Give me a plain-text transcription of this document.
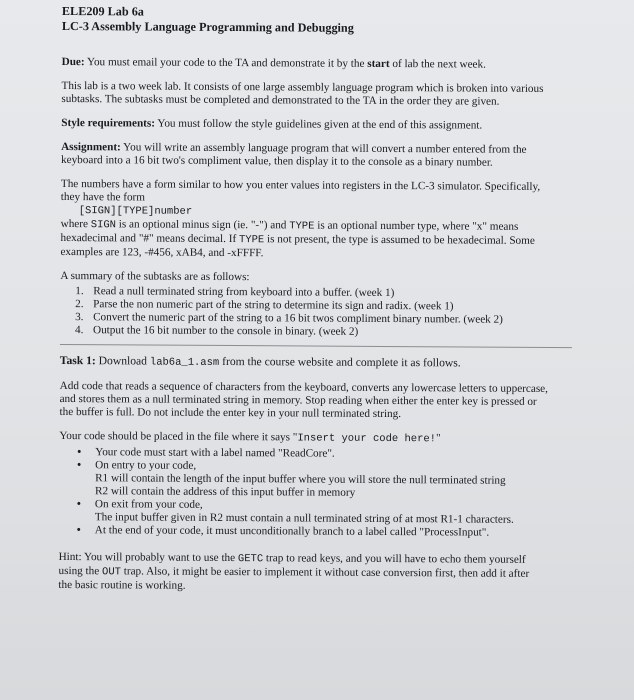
ELE209 Lab 6a
LC-3 Assembly Language Programming and Debugging

Due: You must email your code to the TA and demonstrate it by the start of lab the next week.

This lab is a two week lab. It consists of one large assembly language program which is broken into various
subtasks. The subtasks must be completed and demonstrated to the TA in the order they are given.

Style requirements: You must follow the style guidelines given at the end of this assignment.

Assignment: You will write an assembly language program that will convert a number entered from the
keyboard into a 16 bit two's compliment value, then display it to the console as a binary number.

The numbers have a form similar to how you enter values into registers in the LC-3 simulator. Specifically,
they have the form
[SIGN][TYPE]number
where SIGN is an optional minus sign (ie. "-") and TYPE is an optional number type, where "x" means
hexadecimal and "#" means decimal. If TYPE is not present, the type is assumed to be hexadecimal. Some
examples are 123, -#456, xAB4, and -xFFFF.

A summary of the subtasks are as follows:

1. Read a null terminated string from keyboard into a buffer. (week 1)
2. Parse the non numeric part of the string to determine its sign and radix. (week 1)
3. Convert the numeric part of the string to a 16 bit twos compliment binary number. (week 2)
4. Output the 16 bit number to the console in binary. (week 2)

Task 1: Download lab6a_1.asm from the course website and complete it as follows.

Add code that reads a sequence of characters from the keyboard, converts any lowercase letters to uppercase,
and stores them as a null terminated string in memory. Stop reading when either the enter key is pressed or
the buffer is full. Do not include the enter key in your null terminated string.

Your code should be placed in the file where it says "Insert your code here!"

•	Your code must start with a label named "ReadCore".
•	On entry to your code,
R1 will contain the length of the input buffer where you will store the null terminated string
R2 will contain the address of this input buffer in memory
•	On exit from your code,
The input buffer given in R2 must contain a null terminated string of at most R1-1 characters.
•	At the end of your code, it must unconditionally branch to a label called "ProcessInput".

Hint: You will probably want to use the GETC trap to read keys, and you will have to echo them yourself
using the OUT trap. Also, it might be easier to implement it without case conversion first, then add it after
the basic routine is working.
